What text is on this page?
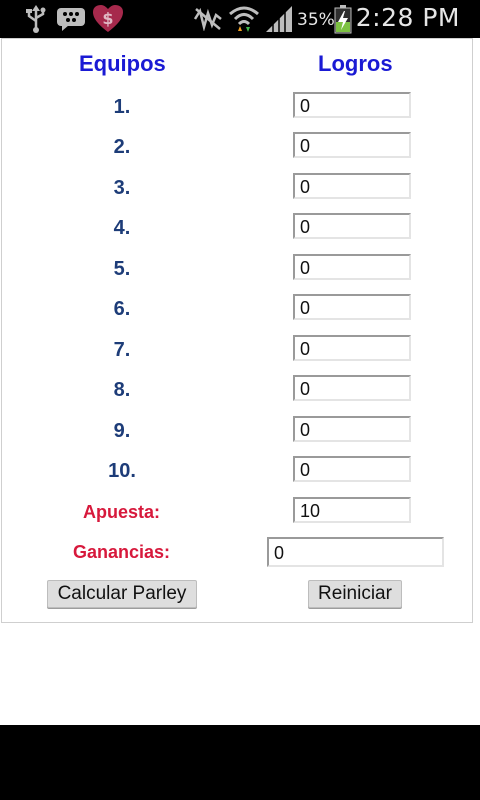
$	35% 2:28 PM
Equipos	Logros
1.	0
2.	0
3.	0
4.	0
5.	0
6.	0
7.	0
8.	0
9.	0
10.	0
Apuesta:	10
Ganancias:	0
Calcular Parley	Reiniciar
